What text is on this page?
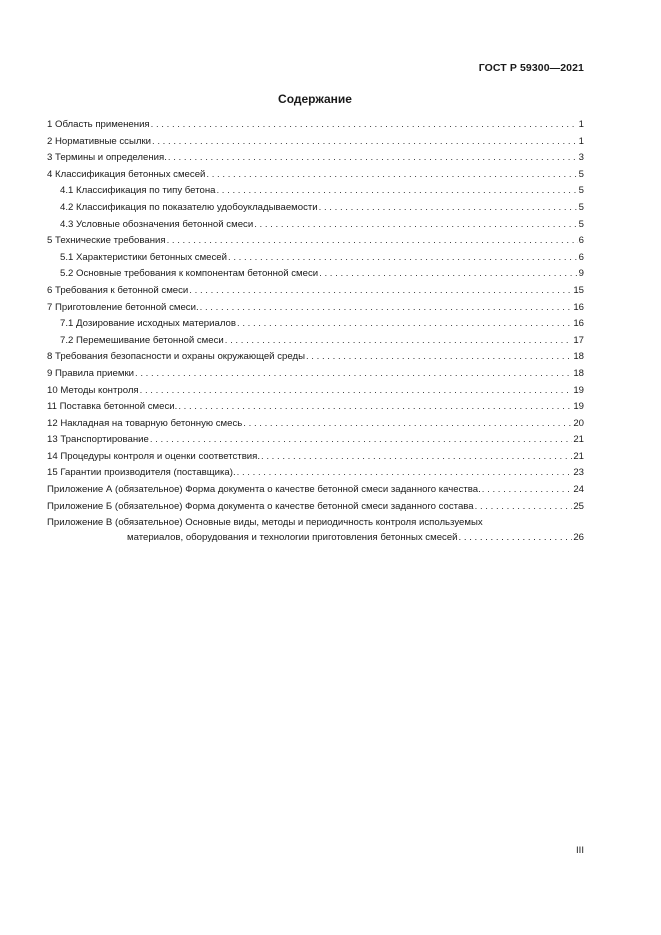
ГОСТ Р 59300—2021
Содержание
1 Область применения . . .	1
2 Нормативные ссылки . . .	1
3 Термины и определения. . . .	3
4 Классификация бетонных смесей . . .	5
4.1 Классификация по типу бетона . . .	5
4.2 Классификация по показателю удобоукладываемости . . .	5
4.3 Условные обозначения бетонной смеси . . .	5
5 Технические требования . . .	6
5.1 Характеристики бетонных смесей . . .	6
5.2 Основные требования к компонентам бетонной смеси . . .	9
6 Требования к бетонной смеси . . .	15
7 Приготовление бетонной смеси. . . .	16
7.1 Дозирование исходных материалов . . .	16
7.2 Перемешивание бетонной смеси . . .	17
8 Требования безопасности и охраны окружающей среды . . .	18
9 Правила приемки . . .	18
10 Методы контроля . . .	19
11 Поставка бетонной смеси. . . .	19
12 Накладная на товарную бетонную смесь . . .	20
13 Транспортирование . . .	21
14 Процедуры контроля и оценки соответствия. . . .	21
15 Гарантии производителя (поставщика). . . .	23
Приложение А (обязательное) Форма документа о качестве бетонной смеси заданного качества. . . .	24
Приложение Б (обязательное) Форма документа о качестве бетонной смеси заданного состава . . .	25
Приложение В (обязательное) Основные виды, методы и периодичность контроля используемых
материалов, оборудования и технологии приготовления бетонных смесей . . .	26
III
